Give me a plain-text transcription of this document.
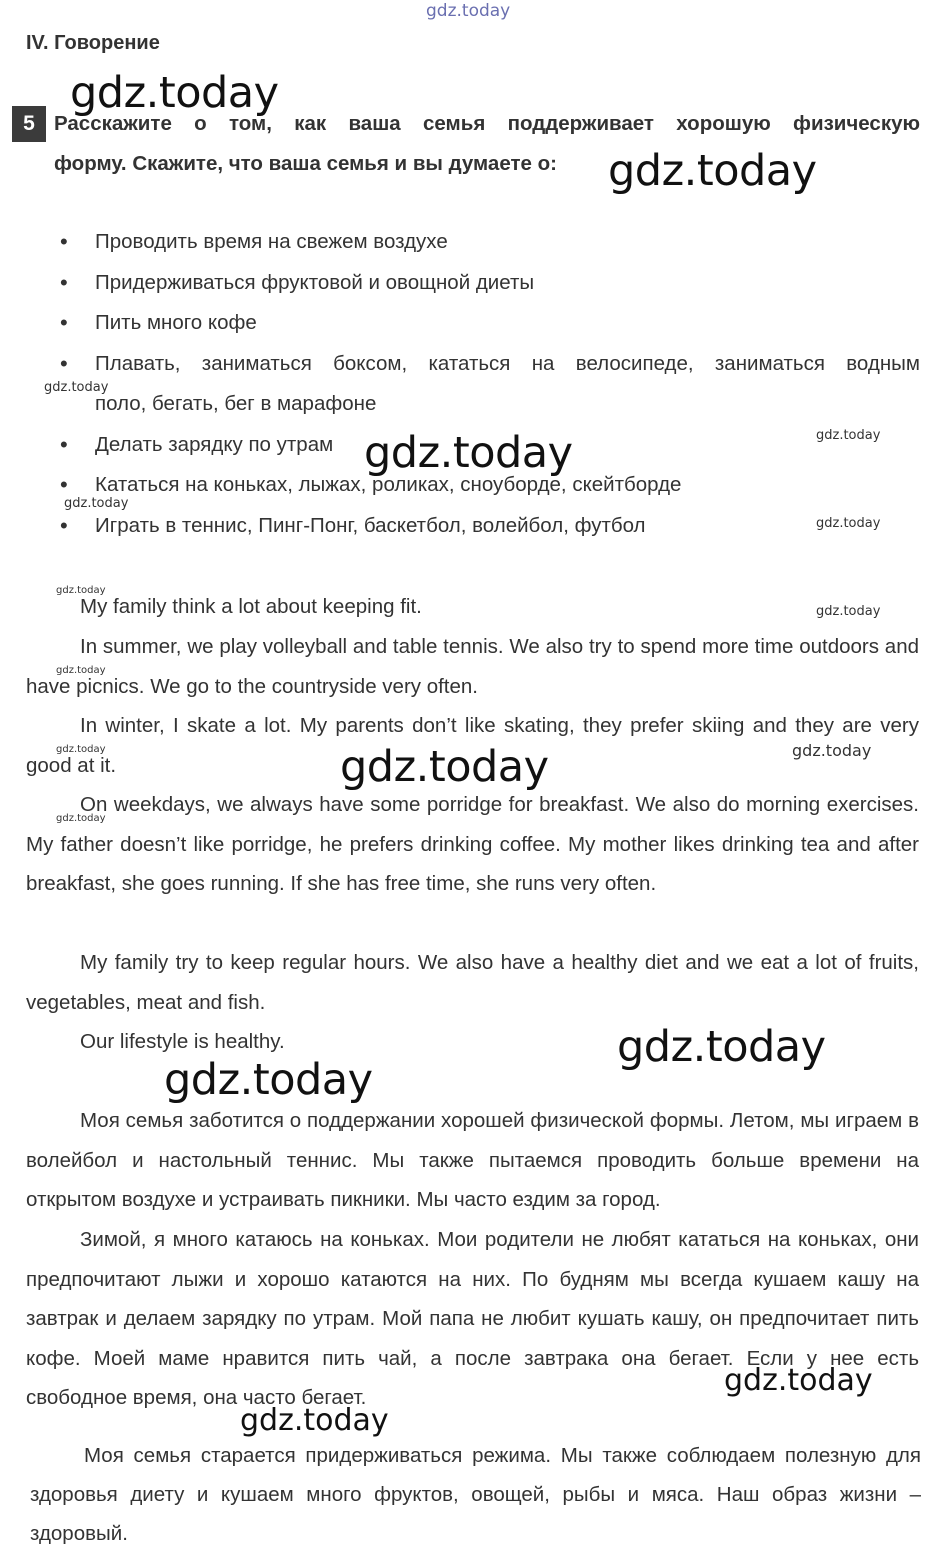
gdz.today
gdz.today
gdz.today
gdz.today
gdz.today
gdz.today
gdz.today
gdz.today
gdz.today
gdz.today
gdz.today
gdz.today
gdz.today
gdz.today
gdz.today
gdz.today
gdz.today
gdz.today
gdz.today
IV. Говорение
5 Расскажите о том, как ваша семья поддерживает хорошую физическую
форму. Скажите, что ваша семья и вы думаете о:
• Проводить время на свежем воздухе
• Придерживаться фруктовой и овощной диеты
• Пить много кофе
• Плавать, заниматься боксом, кататься на велосипеде, заниматься водным
поло, бегать, бег в марафоне
• Делать зарядку по утрам
• Кататься на коньках, лыжах, роликах, сноуборде, скейтборде
• Играть в теннис, Пинг-Понг, баскетбол, волейбол, футбол
My family think a lot about keeping fit.
In summer, we play volleyball and table tennis. We also try to spend more time outdoors and have picnics. We go to the countryside very often.
In winter, I skate a lot. My parents don’t like skating, they prefer skiing and they are very good at it.
On weekdays, we always have some porridge for breakfast. We also do morning exercises. My father doesn’t like porridge, he prefers drinking coffee. My mother likes drinking tea and after breakfast, she goes running. If she has free time, she runs very often.
My family try to keep regular hours. We also have a healthy diet and we eat a lot of fruits, vegetables, meat and fish.
Our lifestyle is healthy.
Моя семья заботится о поддержании хорошей физической формы. Летом, мы играем в волейбол и настольный теннис. Мы также пытаемся проводить больше времени на открытом воздухе и устраивать пикники. Мы часто ездим за город.
Зимой, я много катаюсь на коньках. Мои родители не любят кататься на коньках, они предпочитают лыжи и хорошо катаются на них. По будням мы всегда кушаем кашу на завтрак и делаем зарядку по утрам. Мой папа не любит кушать кашу, он предпочитает пить кофе. Моей маме нравится пить чай, а после завтрака она бегает. Если у нее есть свободное время, она часто бегает.
Моя семья старается придерживаться режима. Мы также соблюдаем полезную для здоровья диету и кушаем много фруктов, овощей, рыбы и мяса. Наш образ жизни – здоровый.
